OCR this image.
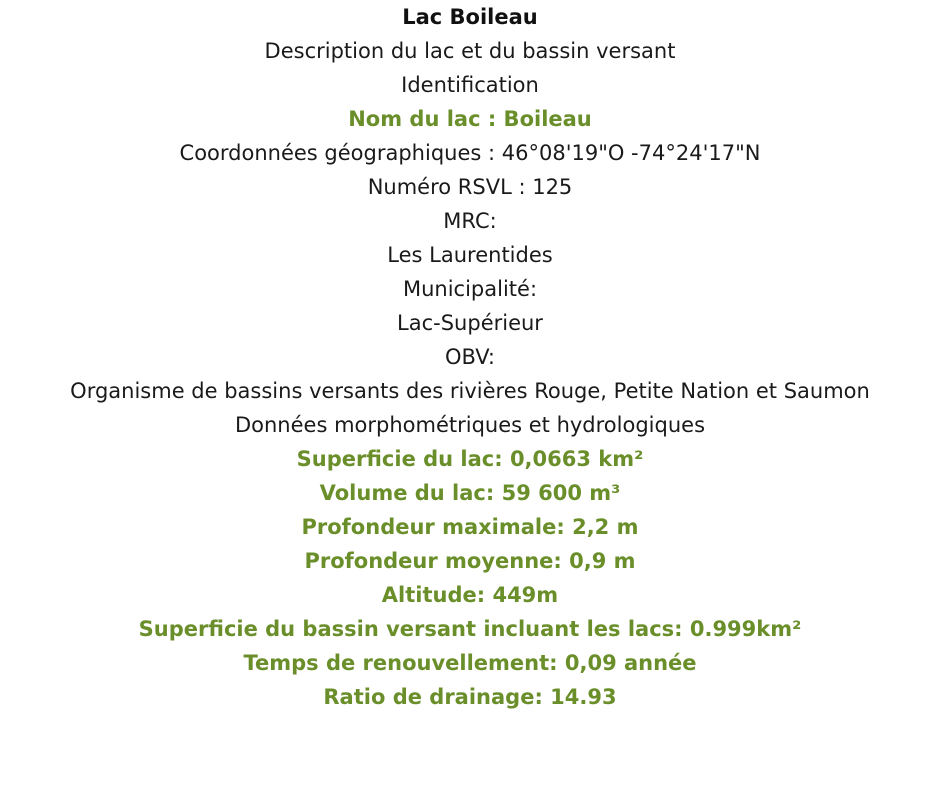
Lac Boileau
Description du lac et du bassin versant
Identification
Nom du lac : Boileau
Coordonnées géographiques : 46°08'19"O -74°24'17"N
Numéro RSVL : 125
MRC:
Les Laurentides
Municipalité:
Lac-Supérieur
OBV:
Organisme de bassins versants des rivières Rouge, Petite Nation et Saumon
Données morphométriques et hydrologiques
Superficie du lac: 0,0663 km²
Volume du lac: 59 600 m³
Profondeur maximale: 2,2 m
Profondeur moyenne: 0,9 m
Altitude: 449m
Superficie du bassin versant incluant les lacs: 0.999km²
Temps de renouvellement: 0,09 année
Ratio de drainage: 14.93
